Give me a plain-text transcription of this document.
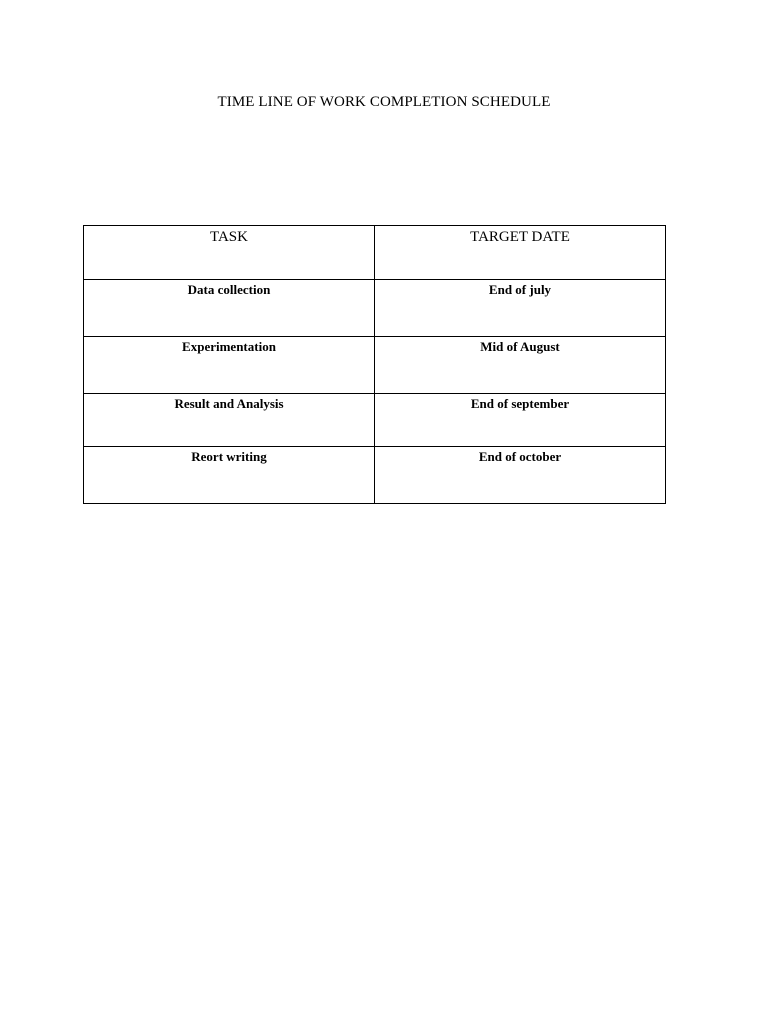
TIME LINE OF WORK COMPLETION SCHEDULE
TASK	TARGET DATE
Data collection	End of july
Experimentation	Mid of August
Result and Analysis	End of september
Reort writing	End of october
